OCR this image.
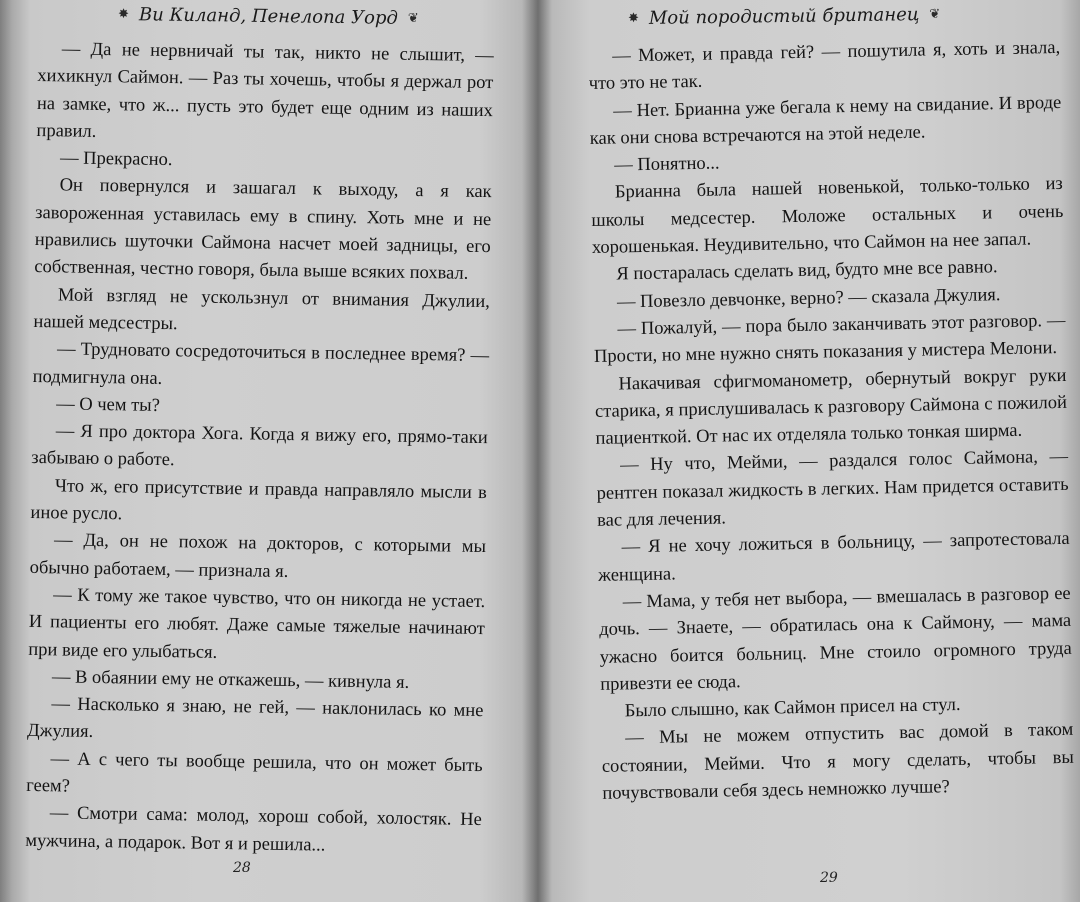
✸ Ви Киланд, Пенелопа Уорд ❦

— Да не нервничай ты так, никто не слышит, — хихикнул Саймон. — Раз ты хочешь, чтобы я держал рот на замке, что ж... пусть это будет еще одним из наших правил.

— Прекрасно.

Он повернулся и зашагал к выходу, а я как завороженная уставилась ему в спину. Хоть мне и не нравились шуточки Саймона насчет моей задницы, его собственная, честно говоря, была выше всяких похвал.

Мой взгляд не ускользнул от внимания Джулии, нашей медсестры.

— Трудновато сосредоточиться в последнее время? — подмигнула она.

— О чем ты?

— Я про доктора Хога. Когда я вижу его, прямо-таки забываю о работе.

Что ж, его присутствие и правда направляло мысли в иное русло.

— Да, он не похож на докторов, с которыми мы обычно работаем, — признала я.

— К тому же такое чувство, что он никогда не устает. И пациенты его любят. Даже самые тяжелые начинают при виде его улыбаться.

— В обаянии ему не откажешь, — кивнула я.

— Насколько я знаю, не гей, — наклонилась ко мне Джулия.

— А с чего ты вообще решила, что он может быть геем?

— Смотри сама: молод, хорош собой, холостяк. Не мужчина, а подарок. Вот я и решила...

28
✸ Мой породистый британец ❦

— Может, и правда гей? — пошутила я, хоть и знала, что это не так.

— Нет. Брианна уже бегала к нему на свидание. И вроде как они снова встречаются на этой неделе.

— Понятно...

Брианна была нашей новенькой, только-только из школы медсестер. Моложе остальных и очень хорошенькая. Неудивительно, что Саймон на нее запал.

Я постаралась сделать вид, будто мне все равно.

— Повезло девчонке, верно? — сказала Джулия.

— Пожалуй, — пора было заканчивать этот разговор. — Прости, но мне нужно снять показания у мистера Мелони.

Накачивая сфигмоманометр, обернутый вокруг руки старика, я прислушивалась к разговору Саймона с пожилой пациенткой. От нас их отделяла только тонкая ширма.

— Ну что, Мейми, — раздался голос Саймона, — рентген показал жидкость в легких. Нам придется оставить вас для лечения.

— Я не хочу ложиться в больницу, — запротестовала женщина.

— Мама, у тебя нет выбора, — вмешалась в разговор ее дочь. — Знаете, — обратилась она к Саймону, — мама ужасно боится больниц. Мне стоило огромного труда привезти ее сюда.

Было слышно, как Саймон присел на стул.

— Мы не можем отпустить вас домой в таком состоянии, Мейми. Что я могу сделать, чтобы вы почувствовали себя здесь немножко лучше?

29
